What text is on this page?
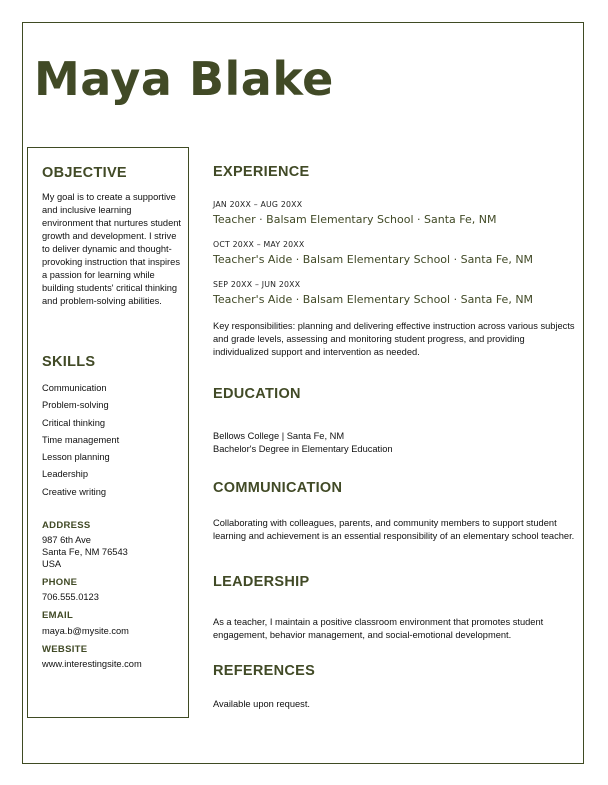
Maya Blake
OBJECTIVE

My goal is to create a supportive and inclusive learning environment that nurtures student growth and development. I strive to deliver dynamic and thought-provoking instruction that inspires a passion for learning while building students' critical thinking and problem-solving abilities.

SKILLS
Communication
Problem-solving
Critical thinking
Time management
Lesson planning
Leadership
Creative writing
ADDRESS

987 6th Ave

Santa Fe, NM 76543

USA

PHONE

706.555.0123

EMAIL

maya.b@mysite.com

WEBSITE

www.interestingsite.com

EXPERIENCE

JAN 20XX – AUG 20XX

Teacher · Balsam Elementary School · Santa Fe, NM

OCT 20XX – MAY 20XX

Teacher's Aide · Balsam Elementary School · Santa Fe, NM

SEP 20XX – JUN 20XX

Teacher's Aide · Balsam Elementary School · Santa Fe, NM

Key responsibilities: planning and delivering effective instruction across various subjects and grade levels, assessing and monitoring student progress, and providing individualized support and intervention as needed.

EDUCATION

Bellows College | Santa Fe, NM

Bachelor's Degree in Elementary Education

COMMUNICATION

Collaborating with colleagues, parents, and community members to support student learning and achievement is an essential responsibility of an elementary school teacher.

LEADERSHIP

As a teacher, I maintain a positive classroom environment that promotes student engagement, behavior management, and social-emotional development.

REFERENCES

Available upon request.
